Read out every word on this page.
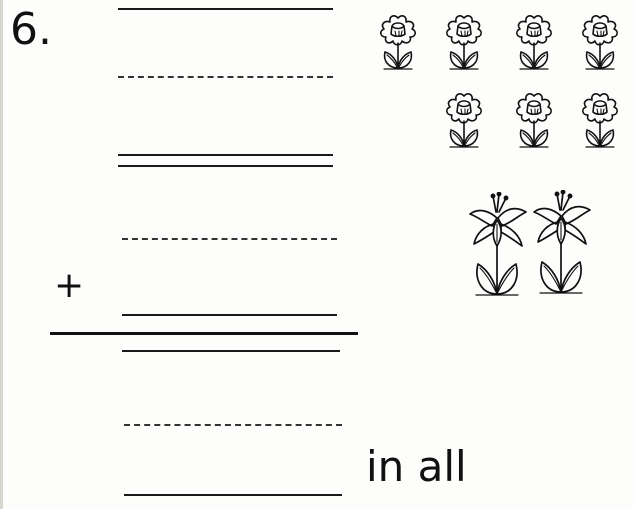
6.
+
in all
